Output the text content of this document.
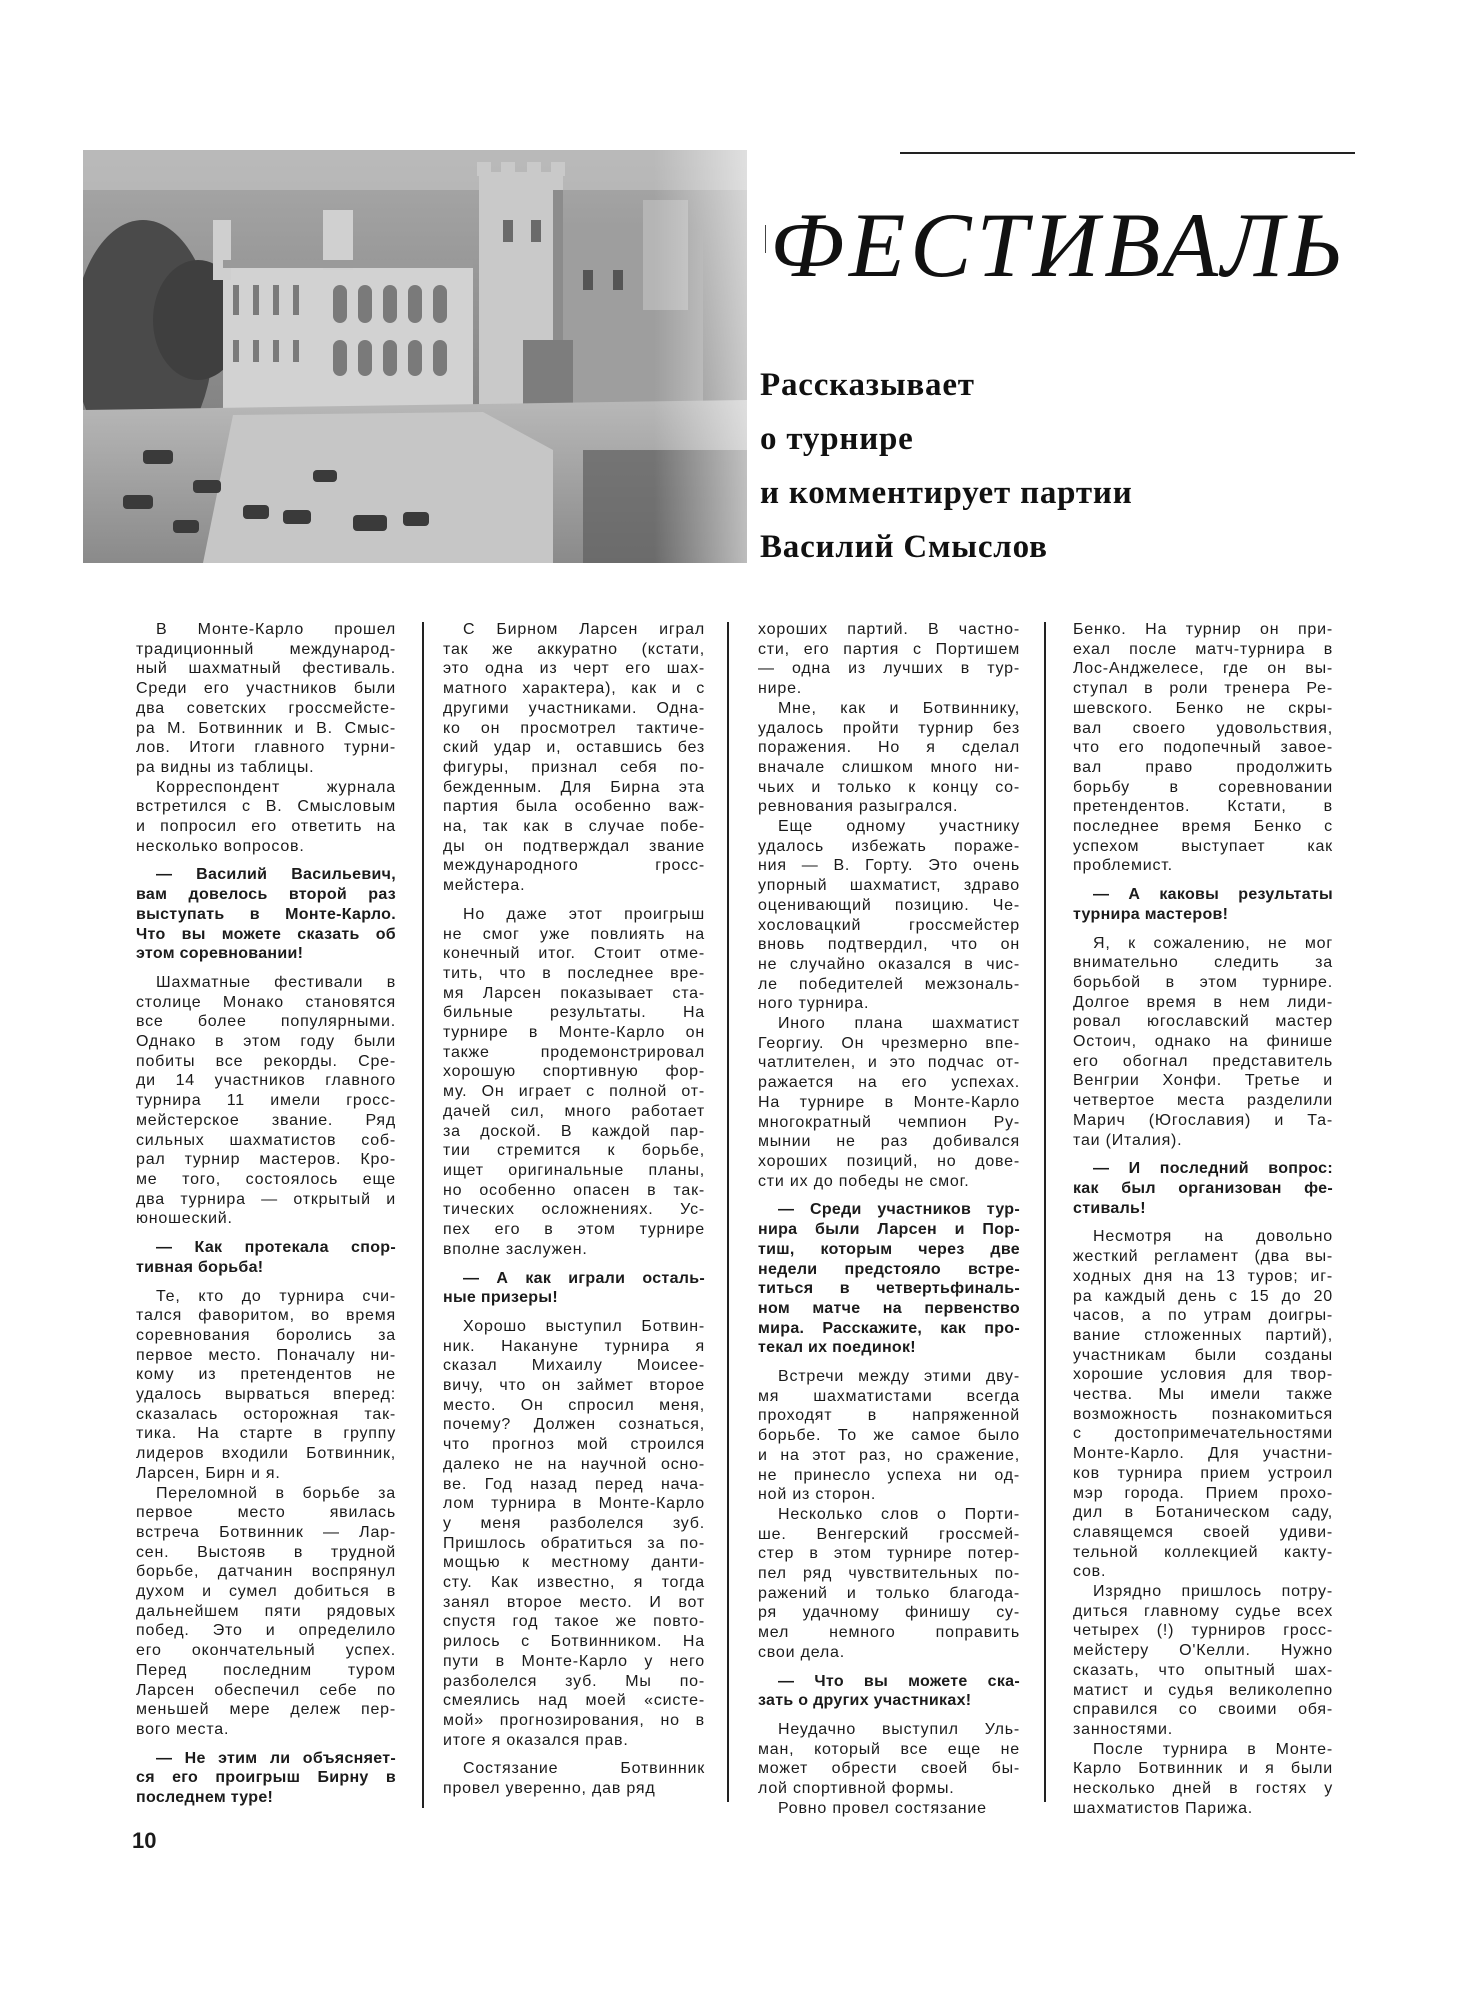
ФЕСТИВАЛЬ
Рассказывает
о турнире
и комментирует партии
Василий Смыслов
В Монте-Карло прошел
традиционный международ-
ный шахматный фестиваль.
Среди его участников были
два советских гроссмейсте-
ра М. Ботвинник и В. Смыс-
лов. Итоги главного турни-
ра видны из таблицы.
Корреспондент журнала
встретился с В. Смысловым
и попросил его ответить на
несколько вопросов.
— Василий Васильевич,
вам довелось второй раз
выступать в Монте-Карло.
Что вы можете сказать об
этом соревновании!
Шахматные фестивали в
столице Монако становятся
все более популярными.
Однако в этом году были
побиты все рекорды. Сре-
ди 14 участников главного
турнира 11 имели гросс-
мейстерское звание. Ряд
сильных шахматистов соб-
рал турнир мастеров. Кро-
ме того, состоялось еще
два турнира — открытый и
юношеский.
— Как протекала спор-
тивная борьба!
Те, кто до турнира счи-
тался фаворитом, во время
соревнования боролись за
первое место. Поначалу ни-
кому из претендентов не
удалось вырваться вперед:
сказалась осторожная так-
тика. На старте в группу
лидеров входили Ботвинник,
Ларсен, Бирн и я.
Переломной в борьбе за
первое место явилась
встреча Ботвинник — Лар-
сен. Выстояв в трудной
борьбе, датчанин воспрянул
духом и сумел добиться в
дальнейшем пяти рядовых
побед. Это и определило
его окончательный успех.
Перед последним туром
Ларсен обеспечил себе по
меньшей мере дележ пер-
вого места.
— Не этим ли объясняет-
ся его проигрыш Бирну в
последнем туре!
С Бирном Ларсен играл
так же аккуратно (кстати,
это одна из черт его шах-
матного характера), как и с
другими участниками. Одна-
ко он просмотрел тактиче-
ский удар и, оставшись без
фигуры, признал себя по-
бежденным. Для Бирна эта
партия была особенно важ-
на, так как в случае побе-
ды он подтверждал звание
международного гросс-
мейстера.
Но даже этот проигрыш
не смог уже повлиять на
конечный итог. Стоит отме-
тить, что в последнее вре-
мя Ларсен показывает ста-
бильные результаты. На
турнире в Монте-Карло он
также продемонстрировал
хорошую спортивную фор-
му. Он играет с полной от-
дачей сил, много работает
за доской. В каждой пар-
тии стремится к борьбе,
ищет оригинальные планы,
но особенно опасен в так-
тических осложнениях. Ус-
пех его в этом турнире
вполне заслужен.
— А как играли осталь-
ные призеры!
Хорошо выступил Ботвин-
ник. Накануне турнира я
сказал Михаилу Моисее-
вичу, что он займет второе
место. Он спросил меня,
почему? Должен сознаться,
что прогноз мой строился
далеко не на научной осно-
ве. Год назад перед нача-
лом турнира в Монте-Карло
у меня разболелся зуб.
Пришлось обратиться за по-
мощью к местному данти-
сту. Как известно, я тогда
занял второе место. И вот
спустя год такое же повто-
рилось с Ботвинником. На
пути в Монте-Карло у него
разболелся зуб. Мы по-
смеялись над моей «систе-
мой» прогнозирования, но в
итоге я оказался прав.
Состязание Ботвинник
провел уверенно, дав ряд
хороших партий. В частно-
сти, его партия с Портишем
— одна из лучших в тур-
нире.
Мне, как и Ботвиннику,
удалось пройти турнир без
поражения. Но я сделал
вначале слишком много ни-
чьих и только к концу со-
ревнования разыгрался.
Еще одному участнику
удалось избежать пораже-
ния — В. Горту. Это очень
упорный шахматист, здраво
оценивающий позицию. Че-
хословацкий гроссмейстер
вновь подтвердил, что он
не случайно оказался в чис-
ле победителей межзональ-
ного турнира.
Иного плана шахматист
Георгиу. Он чрезмерно впе-
чатлителен, и это подчас от-
ражается на его успехах.
На турнире в Монте-Карло
многократный чемпион Ру-
мынии не раз добивался
хороших позиций, но дове-
сти их до победы не смог.
— Среди участников тур-
нира были Ларсен и Пор-
тиш, которым через две
недели предстояло встре-
титься в четвертьфиналь-
ном матче на первенство
мира. Расскажите, как про-
текал их поединок!
Встречи между этими дву-
мя шахматистами всегда
проходят в напряженной
борьбе. То же самое было
и на этот раз, но сражение,
не принесло успеха ни од-
ной из сторон.
Несколько слов о Порти-
ше. Венгерский гроссмей-
стер в этом турнире потер-
пел ряд чувствительных по-
ражений и только благода-
ря удачному финишу су-
мел немного поправить
свои дела.
— Что вы можете ска-
зать о других участниках!
Неудачно выступил Уль-
ман, который все еще не
может обрести своей бы-
лой спортивной формы.
Ровно провел состязание
Бенко. На турнир он при-
ехал после матч-турнира в
Лос-Анджелесе, где он вы-
ступал в роли тренера Ре-
шевского. Бенко не скры-
вал своего удовольствия,
что его подопечный завое-
вал право продолжить
борьбу в соревновании
претендентов. Кстати, в
последнее время Бенко с
успехом выступает как
проблемист.
— А каковы результаты
турнира мастеров!
Я, к сожалению, не мог
внимательно следить за
борьбой в этом турнире.
Долгое время в нем лиди-
ровал югославский мастер
Остоич, однако на финише
его обогнал представитель
Венгрии Хонфи. Третье и
четвертое места разделили
Марич (Югославия) и Та-
таи (Италия).
— И последний вопрос:
как был организован фе-
стиваль!
Несмотря на довольно
жесткий регламент (два вы-
ходных дня на 13 туров; иг-
ра каждый день с 15 до 20
часов, а по утрам доигры-
вание стложенных партий),
участникам были созданы
хорошие условия для твор-
чества. Мы имели также
возможность познакомиться
с достопримечательностями
Монте-Карло. Для участни-
ков турнира прием устроил
мэр города. Прием прохо-
дил в Ботаническом саду,
славящемся своей удиви-
тельной коллекцией какту-
сов.
Изрядно пришлось потру-
диться главному судье всех
четырех (!) турниров гросс-
мейстеру О'Келли. Нужно
сказать, что опытный шах-
матист и судья великолепно
справился со своими обя-
занностями.
После турнира в Монте-
Карло Ботвинник и я были
несколько дней в гостях у
шахматистов Парижа.
10
